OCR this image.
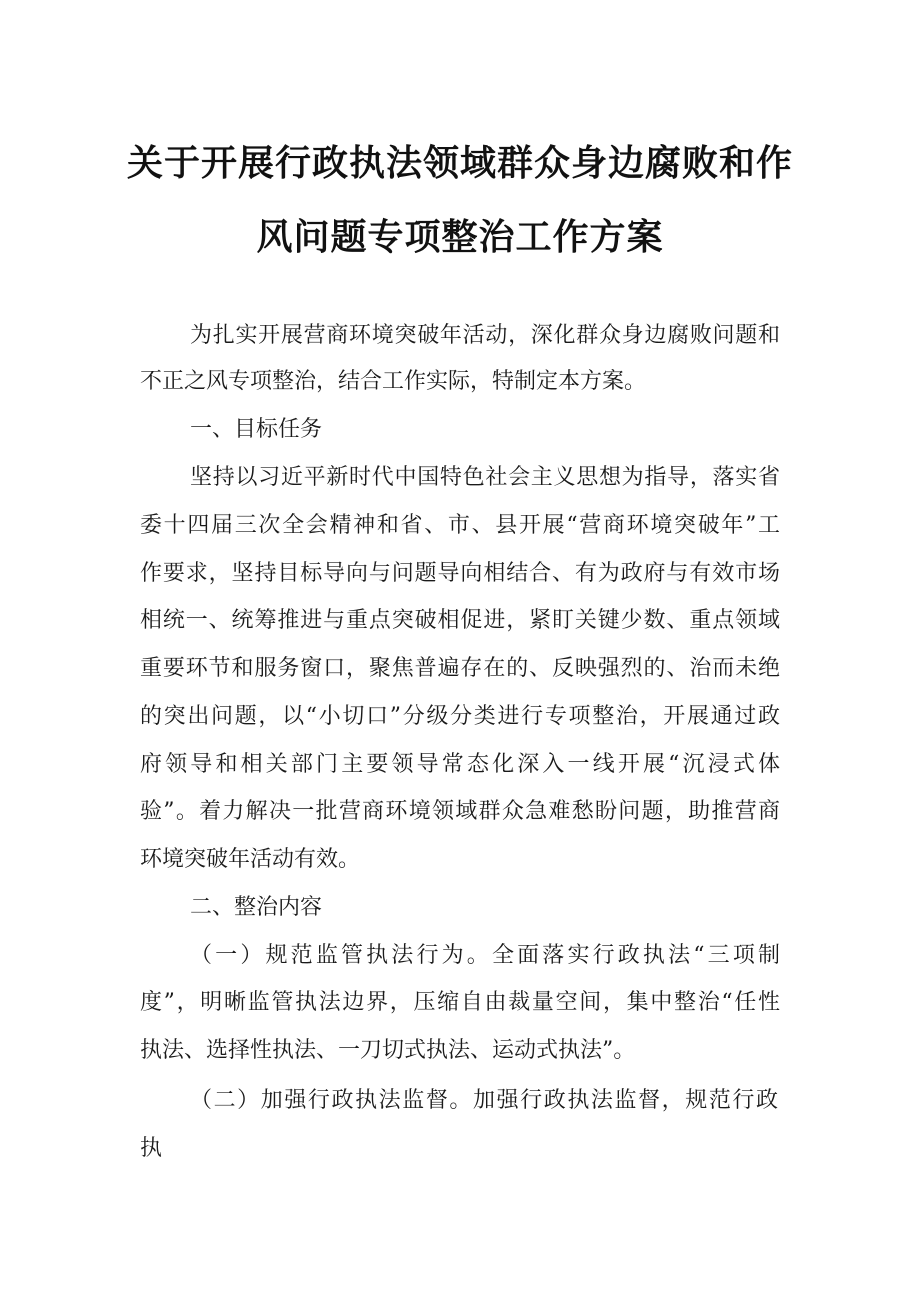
关于开展行政执法领域群众身边腐败和作
风问题专项整治工作方案
为扎实开展营商环境突破年活动，深化群众身边腐败问题和
不正之风专项整治，结合工作实际，特制定本方案。
一、目标任务
坚持以习近平新时代中国特色社会主义思想为指导，落实省
委十四届三次全会精神和省、市、县开展“营商环境突破年”工
作要求，坚持目标导向与问题导向相结合、有为政府与有效市场
相统一、统筹推进与重点突破相促进，紧盯关键少数、重点领域
重要环节和服务窗口，聚焦普遍存在的、反映强烈的、治而未绝
的突出问题，以“小切口”分级分类进行专项整治，开展通过政
府领导和相关部门主要领导常态化深入一线开展“沉浸式体
验”。着力解决一批营商环境领域群众急难愁盼问题，助推营商
环境突破年活动有效。
二、整治内容
（一）规范监管执法行为。全面落实行政执法“三项制
度”，明晰监管执法边界，压缩自由裁量空间，集中整治“任性
执法、选择性执法、一刀切式执法、运动式执法”。
（二）加强行政执法监督。加强行政执法监督，规范行政
执
